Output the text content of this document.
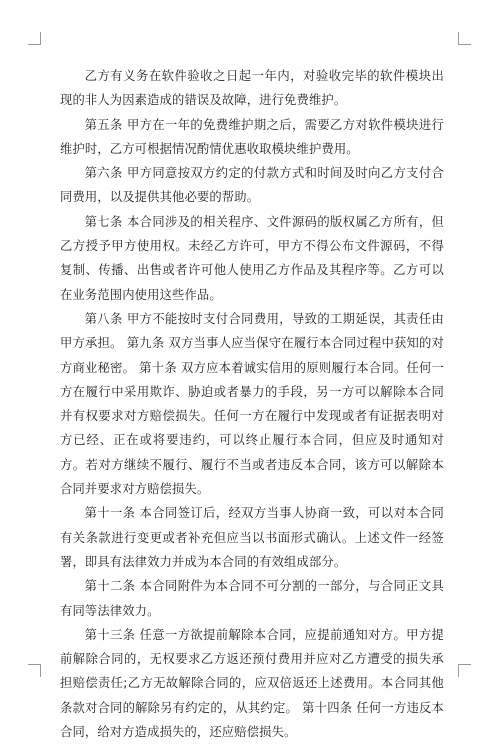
乙方有义务在软件验收之日起一年内，对验收完毕的软件模块出现的非人为因素造成的错误及故障，进行免费维护。

第五条 甲方在一年的免费维护期之后，需要乙方对软件模块进行维护时，乙方可根据情况酌情优惠收取模块维护费用。

第六条 甲方同意按双方约定的付款方式和时间及时向乙方支付合同费用，以及提供其他必要的帮助。

第七条 本合同涉及的相关程序、文件源码的版权属乙方所有，但乙方授予甲方使用权。未经乙方许可，甲方不得公布文件源码，不得复制、传播、出售或者许可他人使用乙方作品及其程序等。乙方可以在业务范围内使用这些作品。

第八条 甲方不能按时支付合同费用，导致的工期延误，其责任由甲方承担。 第九条 双方当事人应当保守在履行本合同过程中获知的对方商业秘密。 第十条 双方应本着诚实信用的原则履行本合同。任何一方在履行中采用欺诈、胁迫或者暴力的手段，另一方可以解除本合同并有权要求对方赔偿损失。任何一方在履行中发现或者有证据表明对方已经、正在或将要违约，可以终止履行本合同，但应及时通知对方。若对方继续不履行、履行不当或者违反本合同，该方可以解除本合同并要求对方赔偿损失。

第十一条 本合同签订后，经双方当事人协商一致，可以对本合同有关条款进行变更或者补充但应当以书面形式确认。上述文件一经签署，即具有法律效力并成为本合同的有效组成部分。

第十二条 本合同附件为本合同不可分割的一部分，与合同正文具有同等法律效力。

第十三条 任意一方欲提前解除本合同，应提前通知对方。甲方提前解除合同的，无权要求乙方返还预付费用并应对乙方遭受的损失承担赔偿责任;乙方无故解除合同的，应双倍返还上述费用。本合同其他条款对合同的解除另有约定的，从其约定。 第十四条 任何一方违反本合同，给对方造成损失的，还应赔偿损失。
